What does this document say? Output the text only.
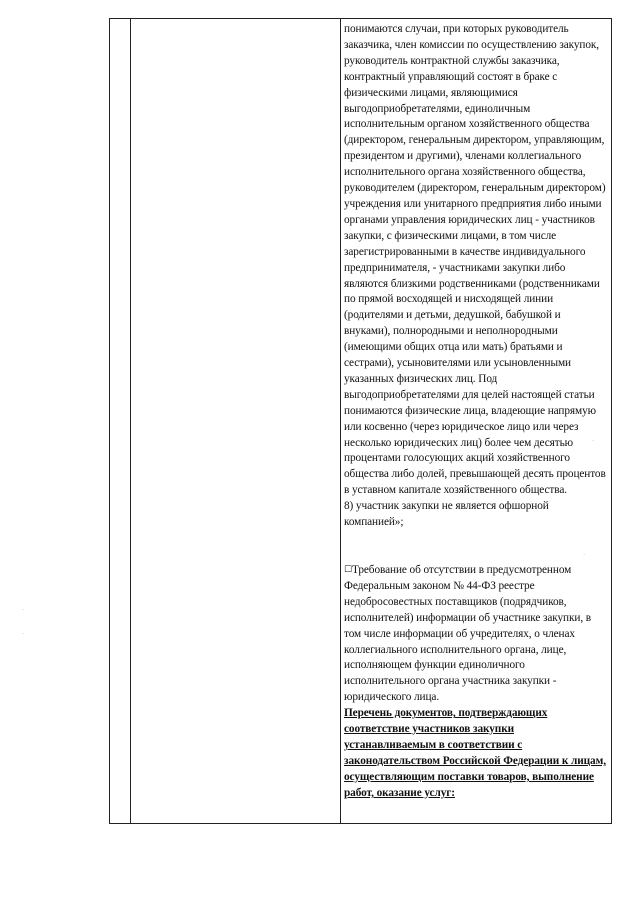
понимаются случаи, при которых руководитель заказчика, член комиссии по осуществлению закупок, руководитель контрактной службы заказчика, контрактный управляющий состоят в браке с физическими лицами, являющимися выгодоприобретателями, единоличным исполнительным органом хозяйственного общества (директором, генеральным директором, управляющим, президентом и другими), членами коллегиального исполнительного органа хозяйственного общества, руководителем (директором, генеральным директором) учреждения или унитарного предприятия либо иными органами управления юридических лиц - участников закупки, с физическими лицами, в том числе зарегистрированными в качестве индивидуального предпринимателя, - участниками закупки либо являются близкими родственниками (родственниками по прямой восходящей и нисходящей линии (родителями и детьми, дедушкой, бабушкой и внуками), полнородными и неполнородными (имеющими общих отца или мать) братьями и сестрами), усыновителями или усыновленными указанных физических лиц. Под выгодоприобретателями для целей настоящей статьи понимаются физические лица, владеющие напрямую или косвенно (через юридическое лицо или через несколько юридических лиц) более чем десятью процентами голосующих акций хозяйственного общества либо долей, превышающей десять процентов в уставном капитале хозяйственного общества.

8) участник закупки не является офшорной компанией»;

☐Требование об отсутствии в предусмотренном Федеральным законом № 44-ФЗ реестре недобросовестных поставщиков (подрядчиков, исполнителей) информации об участнике закупки, в том числе информации об учредителях, о членах коллегиального исполнительного органа, лице, исполняющем функции единоличного исполнительного органа участника закупки - юридического лица.

Перечень документов, подтверждающих соответствие участников закупки устанавливаемым в соответствии с законодательством Российской Федерации к лицам, осуществляющим поставки товаров, выполнение работ, оказание услуг:

·
·
·
·
·
